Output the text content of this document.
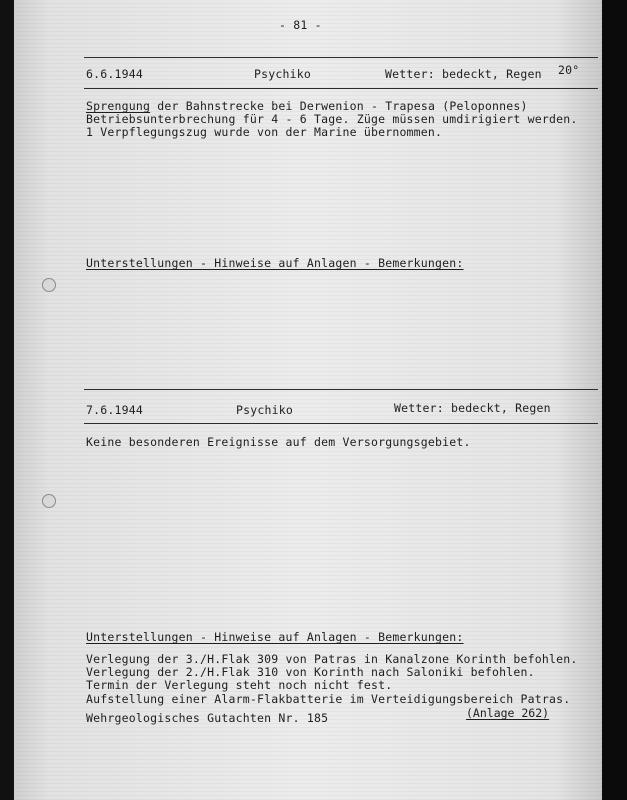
- 81 -
6.6.1944	Psychiko	Wetter: bedeckt, Regen 20°
Sprengung der Bahnstrecke bei Derwenion - Trapesa (Peloponnes)
Betriebsunterbrechung für 4 - 6 Tage. Züge müssen umdirigiert werden.
1 Verpflegungszug wurde von der Marine übernommen.
Unterstellungen - Hinweise auf Anlagen - Bemerkungen:
7.6.1944	Psychiko	Wetter: bedeckt, Regen
Keine besonderen Ereignisse auf dem Versorgungsgebiet.
Unterstellungen - Hinweise auf Anlagen - Bemerkungen:
Verlegung der 3./H.Flak 309 von Patras in Kanalzone Korinth befohlen.
Verlegung der 2./H.Flak 310 von Korinth nach Saloniki befohlen.
Termin der Verlegung steht noch nicht fest.
Aufstellung einer Alarm-Flakbatterie im Verteidigungsbereich Patras.
Wehrgeologisches Gutachten Nr. 185	(Anlage 262)
